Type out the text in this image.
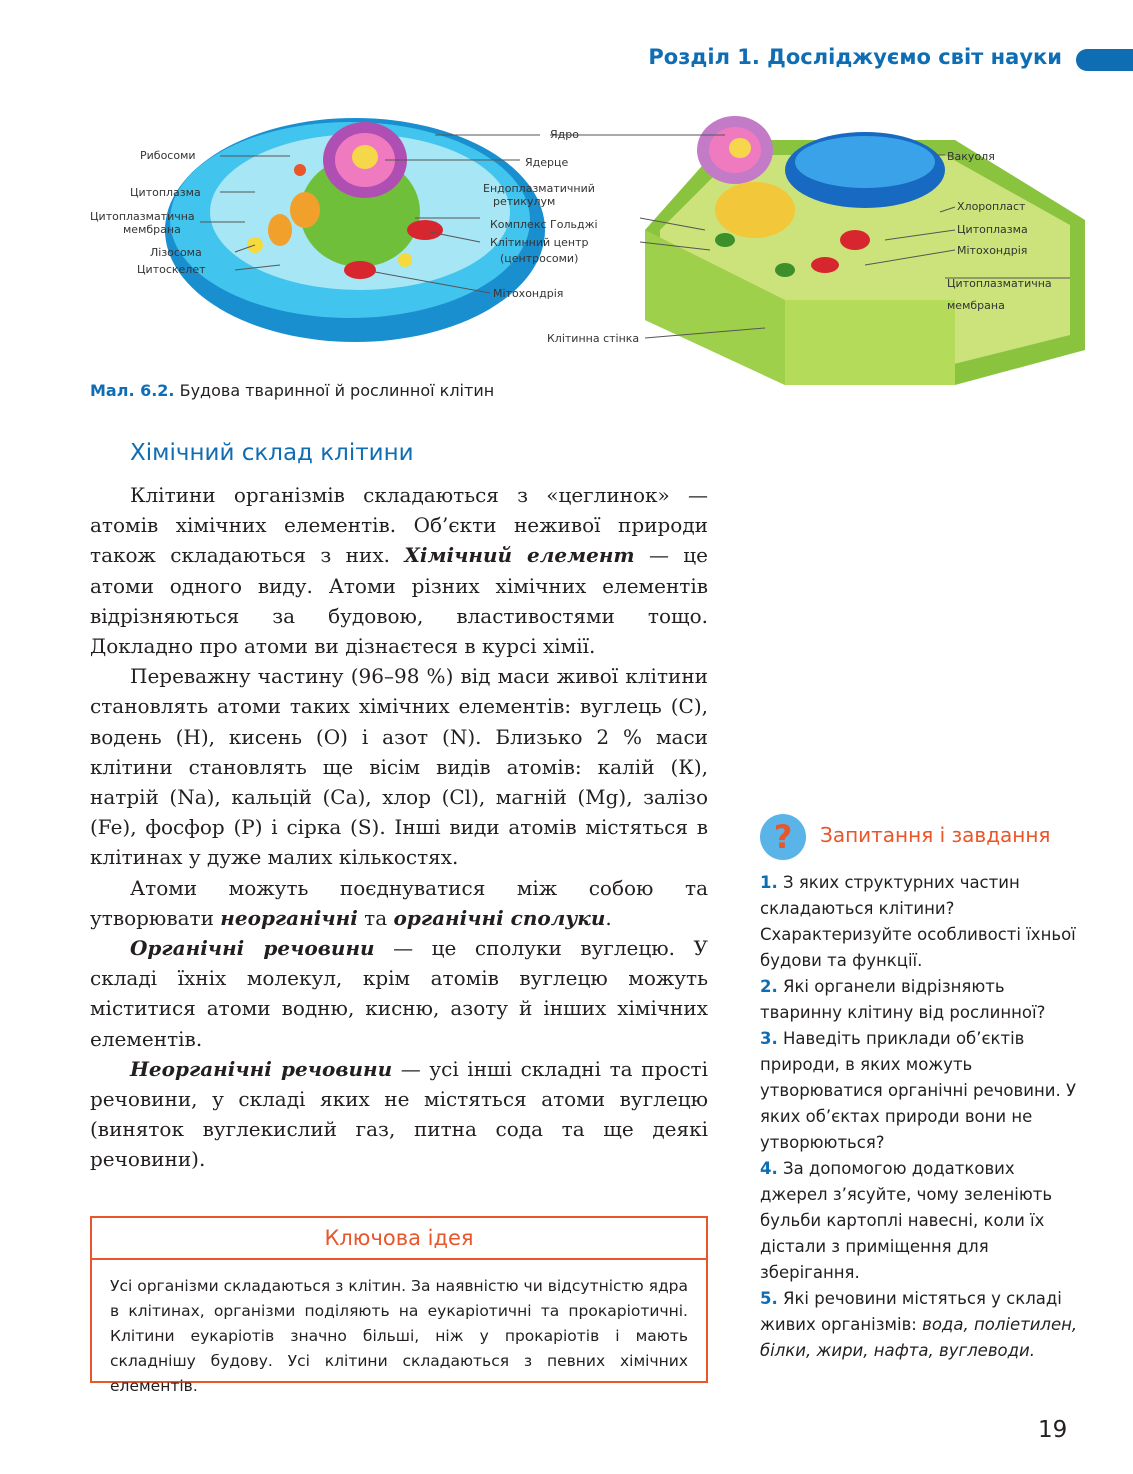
Розділ 1. Досліджуємо світ науки
Рибосоми
Цитоплазма
Цитоплазматична
мембрана
Лізосома
Цитоскелет
Ядро
Ядерце
Ендоплазматичний
ретикулум
Комплекс Гольджі
Клітинний центр
(центросоми)
Мітохондрія
Клітинна стінка
Вакуоля
Хлоропласт
Цитоплазма
Мітохондрія
Цитоплазматична
мембрана
Мал. 6.2. Будова тваринної й рослинної клітин
Хімічний склад клітини

Клітини організмів складаються з «цеглинок» — атомів хімічних елементів. Об’єкти неживої природи також складаються з них. Хімічний елемент — це атоми одного виду. Атоми різних хімічних елементів відрізняються за будовою, властивостями тощо. Докладно про атоми ви дізнаєтеся в курсі хімії.

Переважну частину (96–98 %) від маси живої клітини становлять атоми таких хімічних елементів: вуглець (С), водень (Н), кисень (О) і азот (N). Близько 2 % маси клітини становлять ще вісім видів атомів: калій (К), натрій (Na), кальцій (Са), хлор (Сl), магній (Mg), залізо (Fe), фосфор (Р) і сірка (S). Інші види атомів містяться в клітинах у дуже малих кількостях.

Атоми можуть поєднуватися між собою та утворювати неорганічні та органічні сполуки.

Органічні речовини — це сполуки вуглецю. У складі їхніх молекул, крім атомів вуглецю можуть міститися атоми водню, кисню, азоту й інших хімічних елементів.

Неорганічні речовини — усі інші складні та прості речовини, у складі яких не містяться атоми вуглецю (виняток вуглекислий газ, питна сода та ще деякі речовини).

Ключова ідея
Усі організми складаються з клітин. За наявністю чи відсутністю ядра в клітинах, організми поділяють на еукаріотичні та прокаріотичні. Клітини еукаріотів значно більші, ніж у прокаріотів і мають складнішу будову. Усі клітини складаються з певних хімічних елементів.
? Запитання і завдання
1. З яких структурних частин складаються клітини? Схарактеризуйте особливості їхньої будови та функції.
2. Які органели відрізняють тваринну клітину від рослинної?
3. Наведіть приклади об’єктів природи, в яких можуть утворюватися органічні речовини. У яких об’єктах природи вони не утворюються?
4. За допомогою додаткових джерел з’ясуйте, чому зеленіють бульби картоплі навесні, коли їх дістали з приміщення для зберігання.
5. Які речовини містяться у складі живих організмів: вода, поліетилен, білки, жири, нафта, вуглеводи.
19
